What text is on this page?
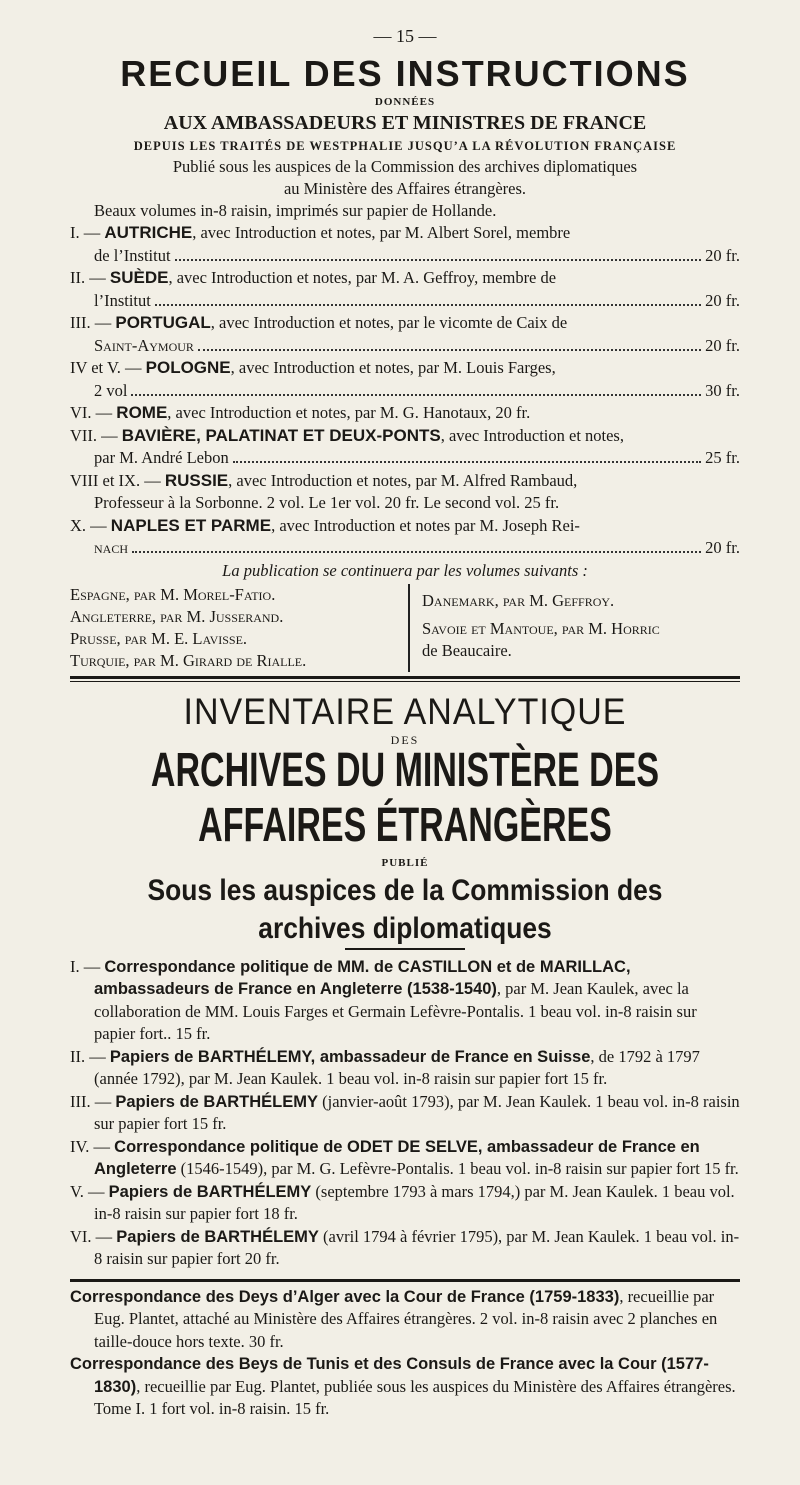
— 15 —
RECUEIL DES INSTRUCTIONS
DONNÉES
AUX AMBASSADEURS ET MINISTRES DE FRANCE
DEPUIS LES TRAITÉS DE WESTPHALIE JUSQU’A LA RÉVOLUTION FRANÇAISE
Publié sous les auspices de la Commission des archives diplomatiques
au Ministère des Affaires étrangères.
Beaux volumes in-8 raisin, imprimés sur papier de Hollande.
I. — AUTRICHE, avec Introduction et notes, par M. Albert Sorel, membre
de l’Institut	20 fr.
II. — SUÈDE, avec Introduction et notes, par M. A. Geffroy, membre de
l’Institut	20 fr.
III. — PORTUGAL, avec Introduction et notes, par le vicomte de Caix de
Saint-Aymour	20 fr.
IV et V. — POLOGNE, avec Introduction et notes, par M. Louis Farges,
2 vol	30 fr.
VI. — ROME, avec Introduction et notes, par M. G. Hanotaux, 20 fr.
VII. — BAVIÈRE, PALATINAT ET DEUX-PONTS, avec Introduction et notes,
par M. André Lebon	25 fr.
VIII et IX. — RUSSIE, avec Introduction et notes, par M. Alfred Rambaud,
Professeur à la Sorbonne. 2 vol. Le 1er vol. 20 fr. Le second vol. 25 fr.
X. — NAPLES ET PARME, avec Introduction et notes par M. Joseph Rei-
nach	20 fr.
La publication se continuera par les volumes suivants :
Espagne, par M. Morel-Fatio.
Angleterre, par M. Jusserand.
Prusse, par M. E. Lavisse.
Turquie, par M. Girard de Rialle.
Danemark, par M. Geffroy.
Savoie et Mantoue, par M. Horric
de Beaucaire.
INVENTAIRE ANALYTIQUE
DES
ARCHIVES DU MINISTÈRE DES AFFAIRES ÉTRANGÈRES
PUBLIÉ
Sous les auspices de la Commission des archives diplomatiques
I. — Correspondance politique de MM. de CASTILLON et de MARILLAC, ambassadeurs de France en Angleterre (1538-1540), par M. Jean Kaulek, avec la collaboration de MM. Louis Farges et Germain Lefèvre-Pontalis. 1 beau vol. in-8 raisin sur papier fort.. 15 fr.
II. — Papiers de BARTHÉLEMY, ambassadeur de France en Suisse, de 1792 à 1797 (année 1792), par M. Jean Kaulek. 1 beau vol. in-8 raisin sur papier fort 15 fr.
III. — Papiers de BARTHÉLEMY (janvier-août 1793), par M. Jean Kaulek. 1 beau vol. in-8 raisin sur papier fort 15 fr.
IV. — Correspondance politique de ODET DE SELVE, ambassadeur de France en Angleterre (1546-1549), par M. G. Lefèvre-Pontalis. 1 beau vol. in-8 raisin sur papier fort 15 fr.
V. — Papiers de BARTHÉLEMY (septembre 1793 à mars 1794,) par M. Jean Kaulek. 1 beau vol. in-8 raisin sur papier fort 18 fr.
VI. — Papiers de BARTHÉLEMY (avril 1794 à février 1795), par M. Jean Kaulek. 1 beau vol. in-8 raisin sur papier fort 20 fr.
Correspondance des Deys d’Alger avec la Cour de France (1759-1833), recueillie par Eug. Plantet, attaché au Ministère des Affaires étrangères. 2 vol. in-8 raisin avec 2 planches en taille-douce hors texte. 30 fr.
Correspondance des Beys de Tunis et des Consuls de France avec la Cour (1577-1830), recueillie par Eug. Plantet, publiée sous les auspices du Ministère des Affaires étrangères. Tome I. 1 fort vol. in-8 raisin. 15 fr.
